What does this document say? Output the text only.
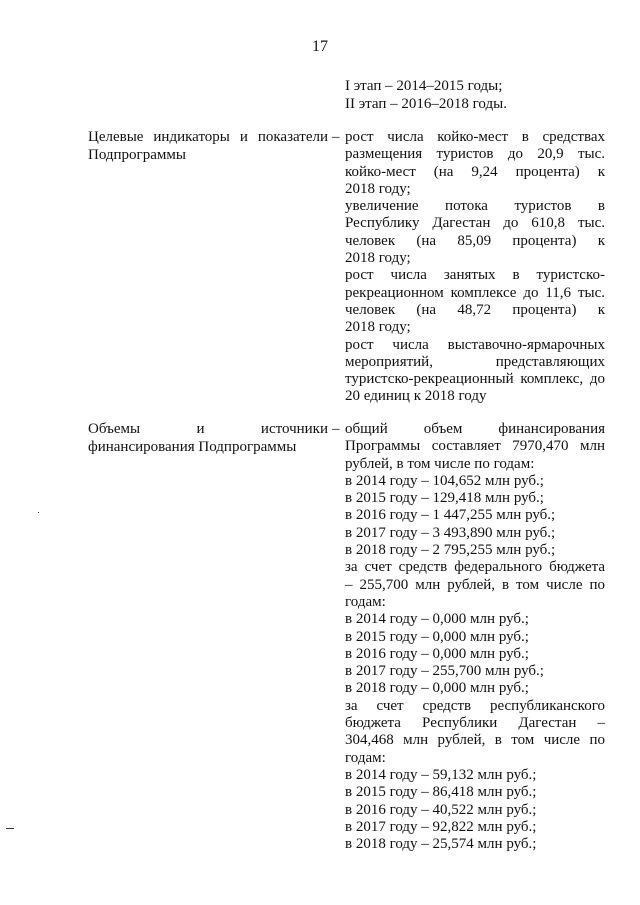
17
I этап – 2014–2015 годы;
II этап – 2016–2018 годы.
Целевые индикаторы и показатели
Подпрограммы
– рост числа койко-мест в средствах
размещения туристов до 20,9 тыс.
койко-мест (на 9,24 процента) к
2018 году;
увеличение потока туристов в
Республику Дагестан до 610,8 тыс.
человек (на 85,09 процента) к
2018 году;
рост числа занятых в туристско-
рекреационном комплексе до 11,6 тыс.
человек (на 48,72 процента) к
2018 году;
рост числа выставочно-ярмарочных
мероприятий, представляющих
туристско-рекреационный комплекс, до
20 единиц к 2018 году
Объемы и источники
финансирования Подпрограммы
– общий объем финансирования
Программы составляет 7970,470 млн
рублей, в том числе по годам:
в 2014 году – 104,652 млн руб.;
в 2015 году – 129,418 млн руб.;
в 2016 году – 1 447,255 млн руб.;
в 2017 году – 3 493,890 млн руб.;
в 2018 году – 2 795,255 млн руб.;
за счет средств федерального бюджета
– 255,700 млн рублей, в том числе по
годам:
в 2014 году – 0,000 млн руб.;
в 2015 году – 0,000 млн руб.;
в 2016 году – 0,000 млн руб.;
в 2017 году – 255,700 млн руб.;
в 2018 году – 0,000 млн руб.;
за счет средств республиканского
бюджета Республики Дагестан –
304,468 млн рублей, в том числе по
годам:
в 2014 году – 59,132 млн руб.;
в 2015 году – 86,418 млн руб.;
в 2016 году – 40,522 млн руб.;
в 2017 году – 92,822 млн руб.;
в 2018 году – 25,574 млн руб.;
